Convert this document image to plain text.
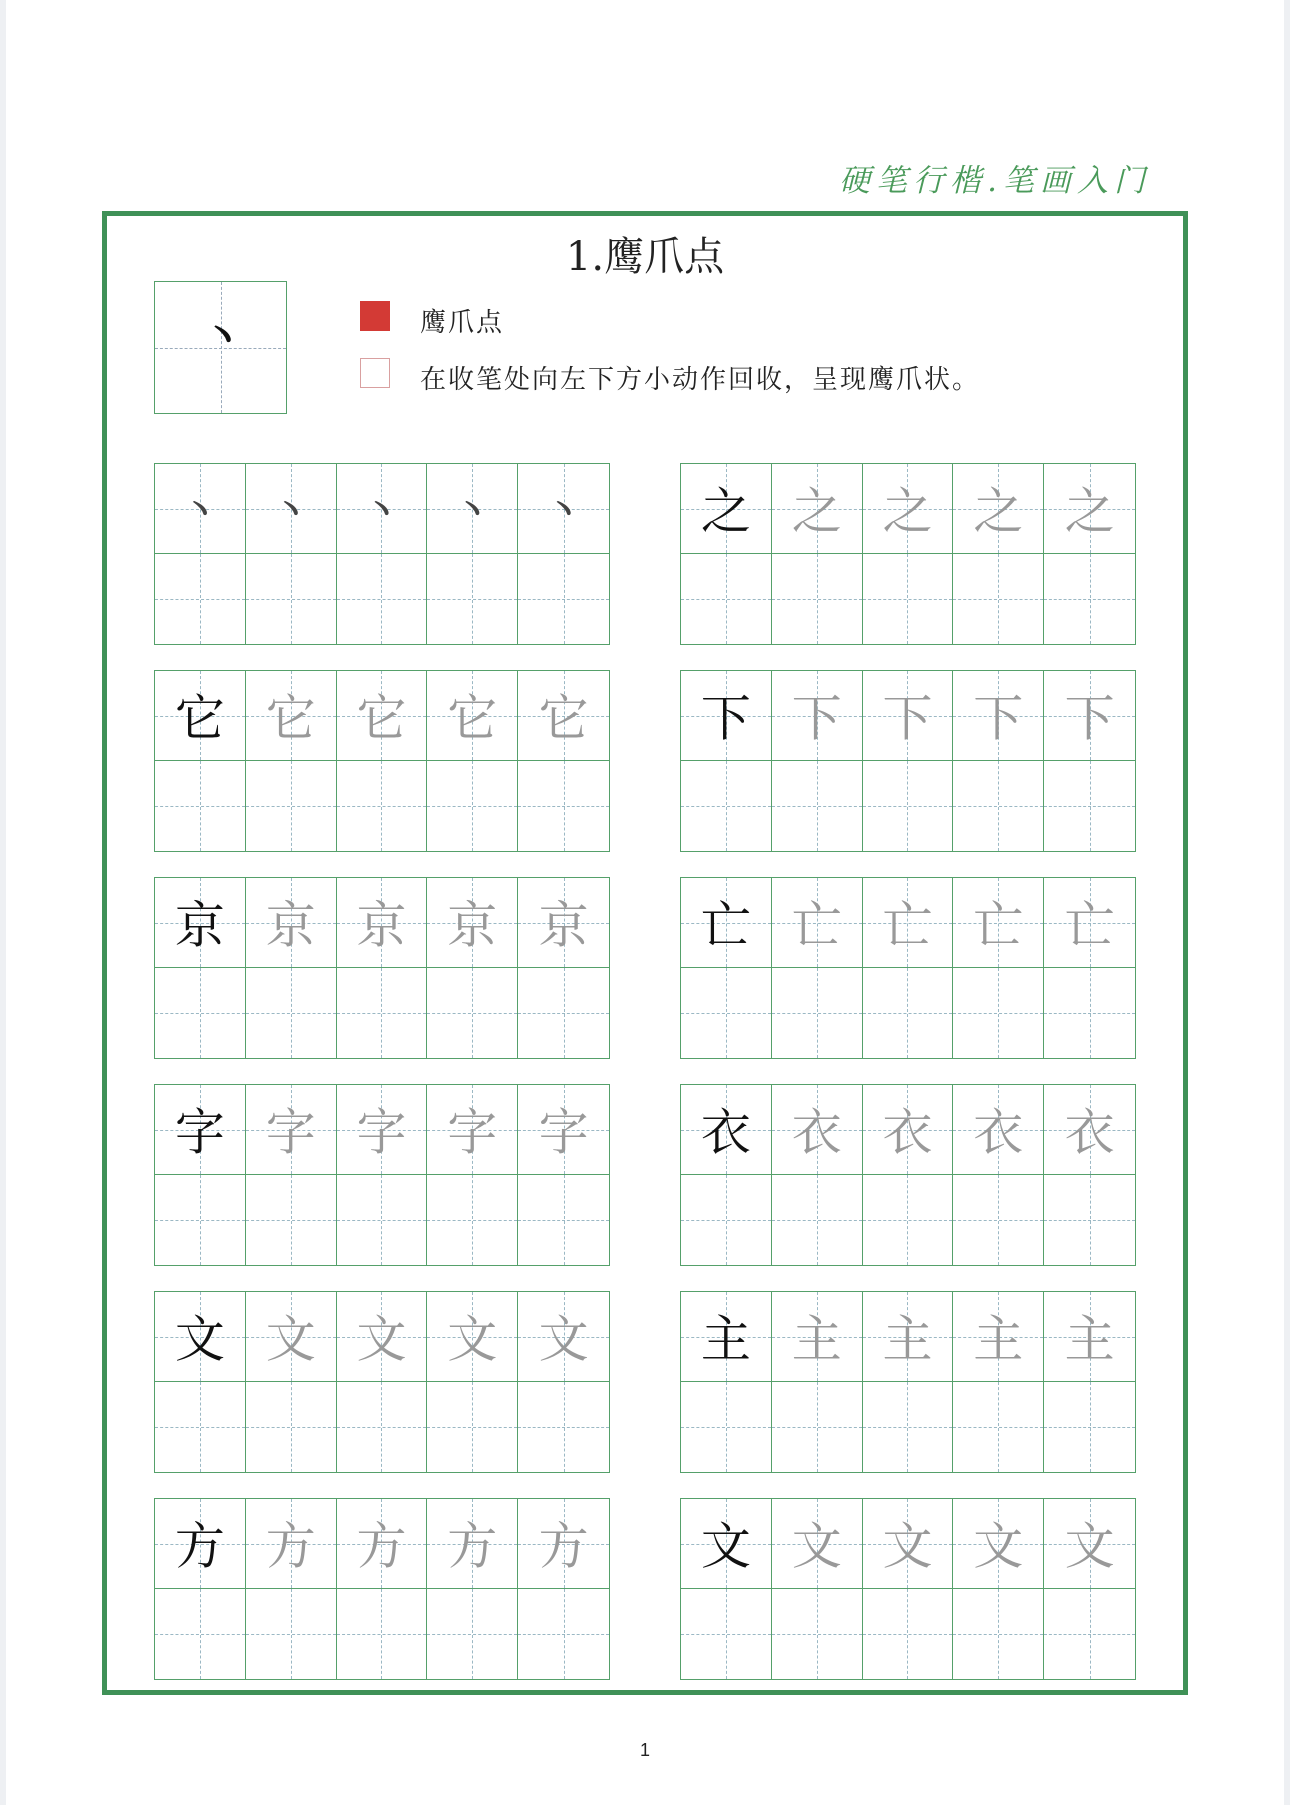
硬笔行楷.笔画入门
1.鹰爪点
丶	鹰爪点
在收笔处向左下方小动作回收，呈现鹰爪状。
丶	丶	丶	丶	丶
它 它 它 它 它
京 京 京 京 京
字 字 字 字 字
文 文 文 文 文
方 方 方 方 方
之 之 之 之 之
下 下 下 下 下
亡 亡 亡 亡 亡
衣 衣 衣 衣 衣
主 主 主 主 主
文 文 文 文 文
1
